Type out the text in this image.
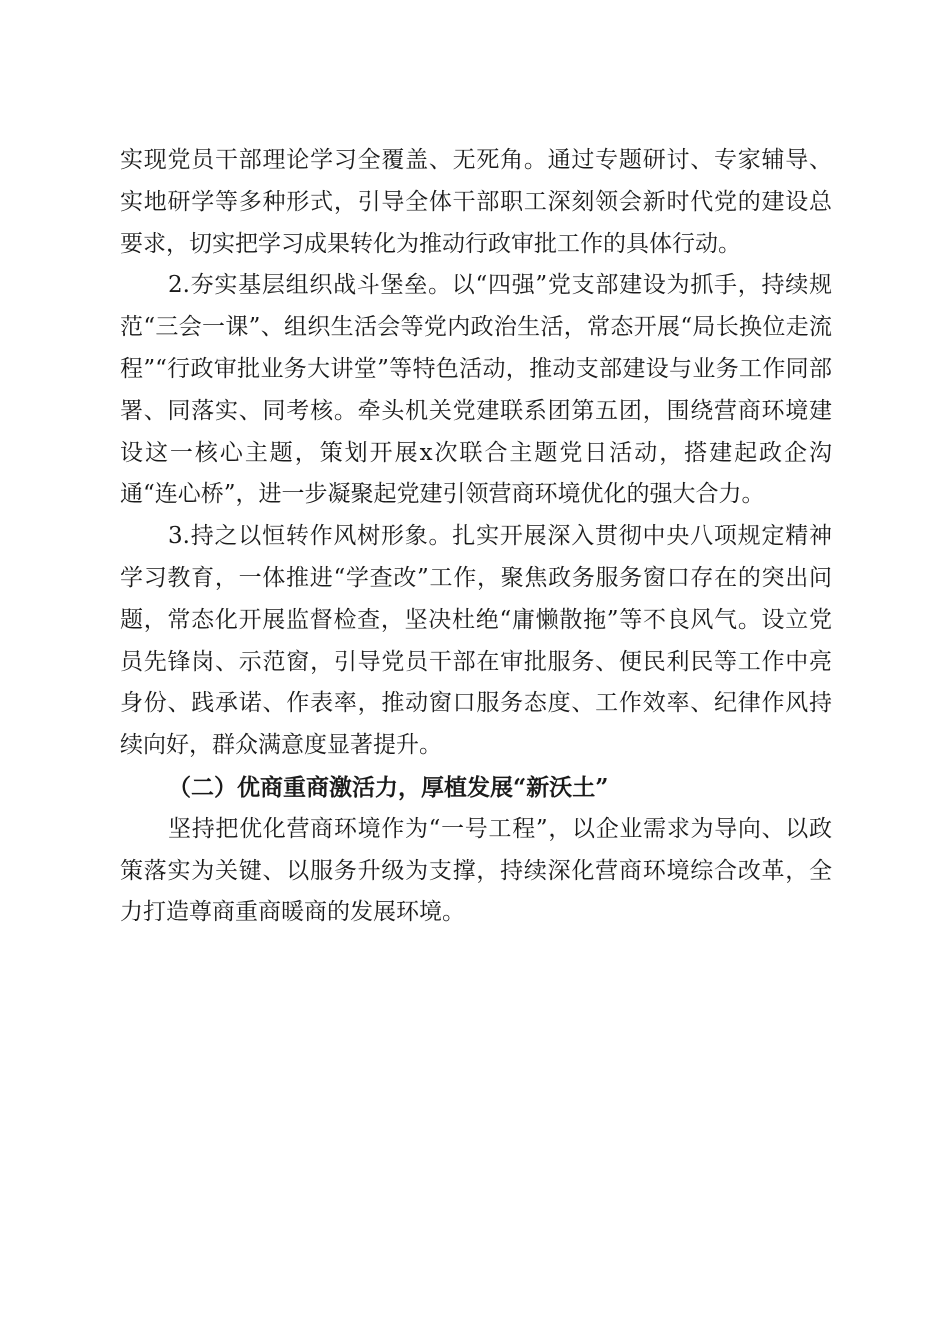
实现党员干部理论学习全覆盖、无死角。通过专题研讨、专家辅导、实地研学等多种形式，引导全体干部职工深刻领会新时代党的建设总要求，切实把学习成果转化为推动行政审批工作的具体行动。

2.夯实基层组织战斗堡垒。以“四强”党支部建设为抓手，持续规范“三会一课”、组织生活会等党内政治生活，常态开展“局长换位走流程”“行政审批业务大讲堂”等特色活动，推动支部建设与业务工作同部署、同落实、同考核。牵头机关党建联系团第五团，围绕营商环境建设这一核心主题，策划开展x次联合主题党日活动，搭建起政企沟通“连心桥”，进一步凝聚起党建引领营商环境优化的强大合力。

3.持之以恒转作风树形象。扎实开展深入贯彻中央八项规定精神学习教育，一体推进“学查改”工作，聚焦政务服务窗口存在的突出问题，常态化开展监督检查，坚决杜绝“庸懒散拖”等不良风气。设立党员先锋岗、示范窗，引导党员干部在审批服务、便民利民等工作中亮身份、践承诺、作表率，推动窗口服务态度、工作效率、纪律作风持续向好，群众满意度显著提升。

（二）优商重商激活力，厚植发展“新沃土”

坚持把优化营商环境作为“一号工程”，以企业需求为导向、以政策落实为关键、以服务升级为支撑，持续深化营商环境综合改革，全力打造尊商重商暖商的发展环境。
